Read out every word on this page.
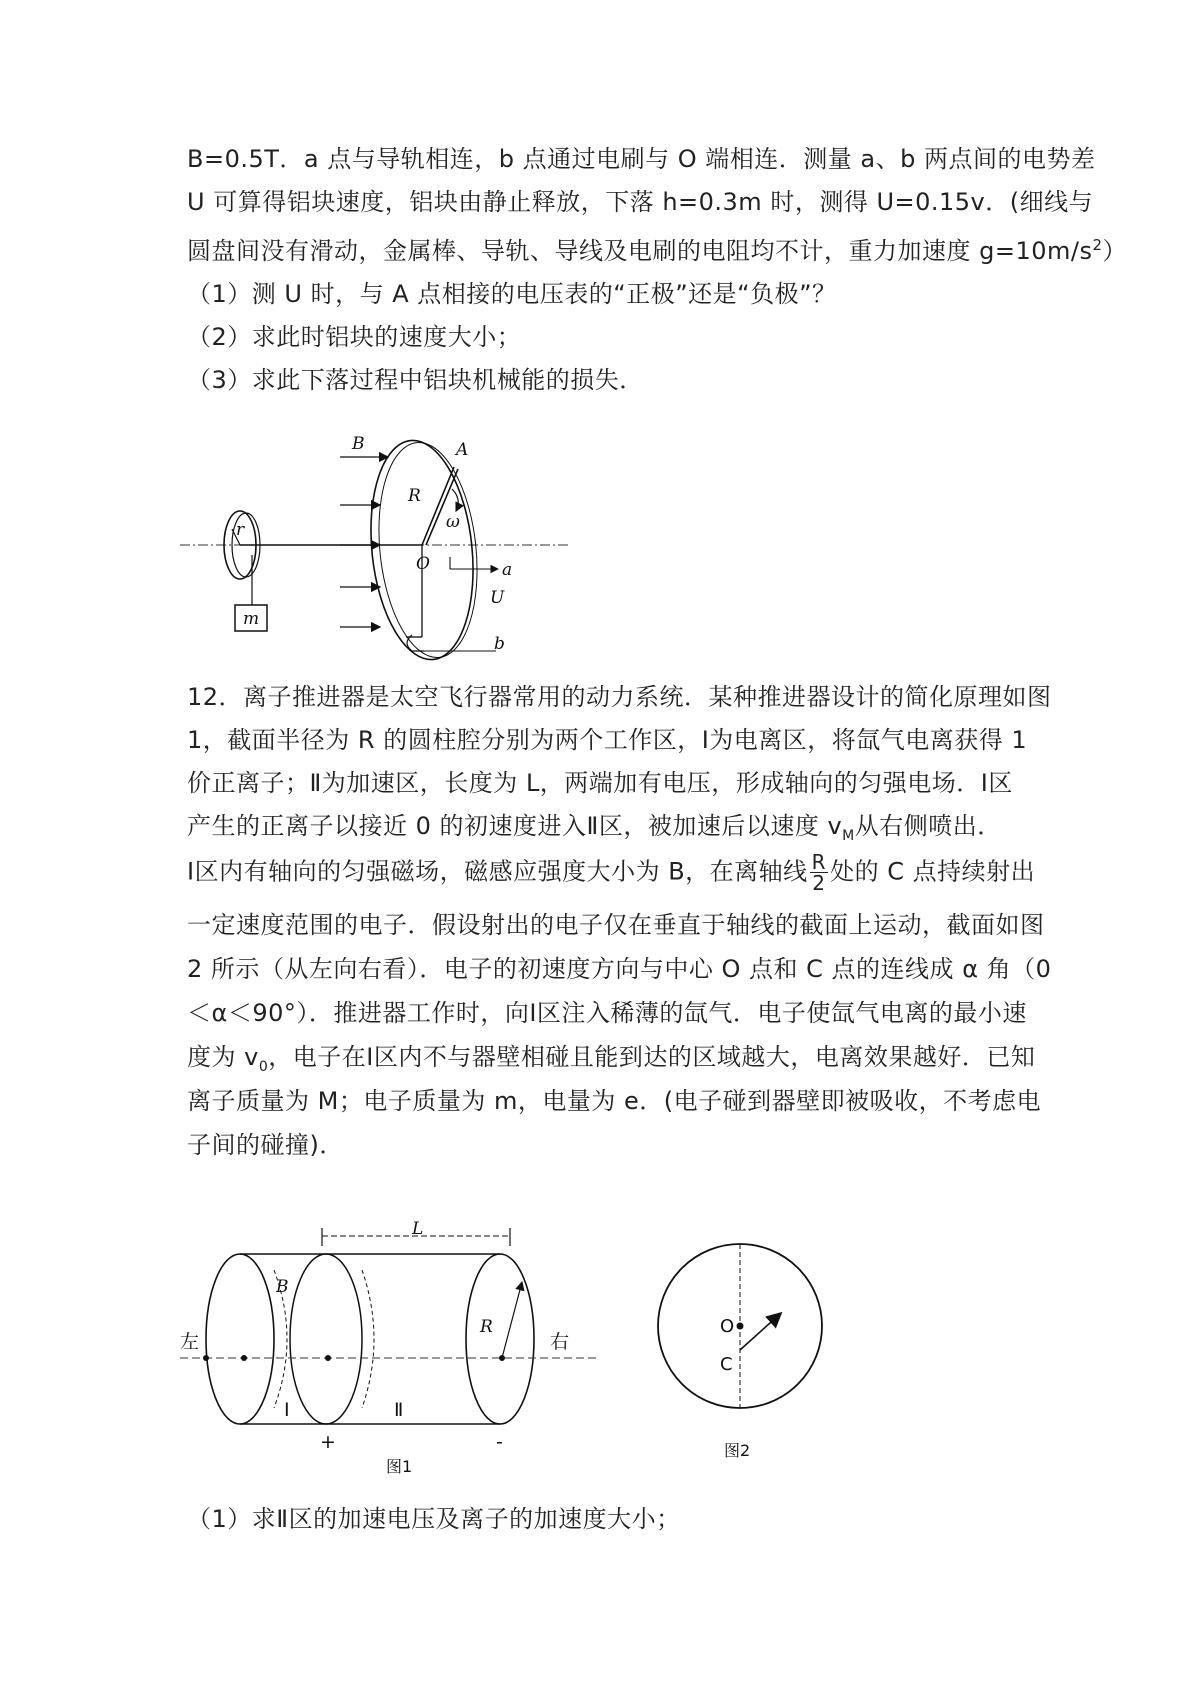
B=0.5T．a 点与导轨相连，b 点通过电刷与 O 端相连．测量 a、b 两点间的电势差
U 可算得铝块速度，铝块由静止释放，下落 h=0.3m 时，测得 U=0.15v．(细线与
圆盘间没有滑动，金属棒、导轨、导线及电刷的电阻均不计，重力加速度 $g=10m/s^2$）
（1）测 U 时，与 A 点相接的电压表的“正极”还是“负极”？
（2）求此时铝块的速度大小；
（3）求此下落过程中铝块机械能的损失．
r
m
B	A
R
ω
O	a
U
b
12．离子推进器是太空飞行器常用的动力系统．某种推进器设计的简化原理如图
1，截面半径为 R 的圆柱腔分别为两个工作区，Ⅰ为电离区，将氙气电离获得 1
价正离子；Ⅱ为加速区，长度为 L，两端加有电压，形成轴向的匀强电场．Ⅰ区
产生的正离子以接近 0 的初速度进入Ⅱ区，被加速后以速度 $v_M$从右侧喷出．
Ⅰ区内有轴向的匀强磁场，磁感应强度大小为 B，在离轴线 $\frac{R}{2}$ 处的 C 点持续射出
一定速度范围的电子．假设射出的电子仅在垂直于轴线的截面上运动，截面如图
2 所示（从左向右看）．电子的初速度方向与中心 O 点和 C 点的连线成 α 角（0
＜α＜90°）．推进器工作时，向Ⅰ区注入稀薄的氙气．电子使氙气电离的最小速
度为 $v_0$，电子在Ⅰ区内不与器壁相碰且能到达的区域越大，电离效果越好．已知
离子质量为 M；电子质量为 m，电量为 e．(电子碰到器壁即被吸收，不考虑电
子间的碰撞)．
L
R
B
左	右
Ⅰ	Ⅱ
+	-
图1
O
C
图2
（1）求Ⅱ区的加速电压及离子的加速度大小；
